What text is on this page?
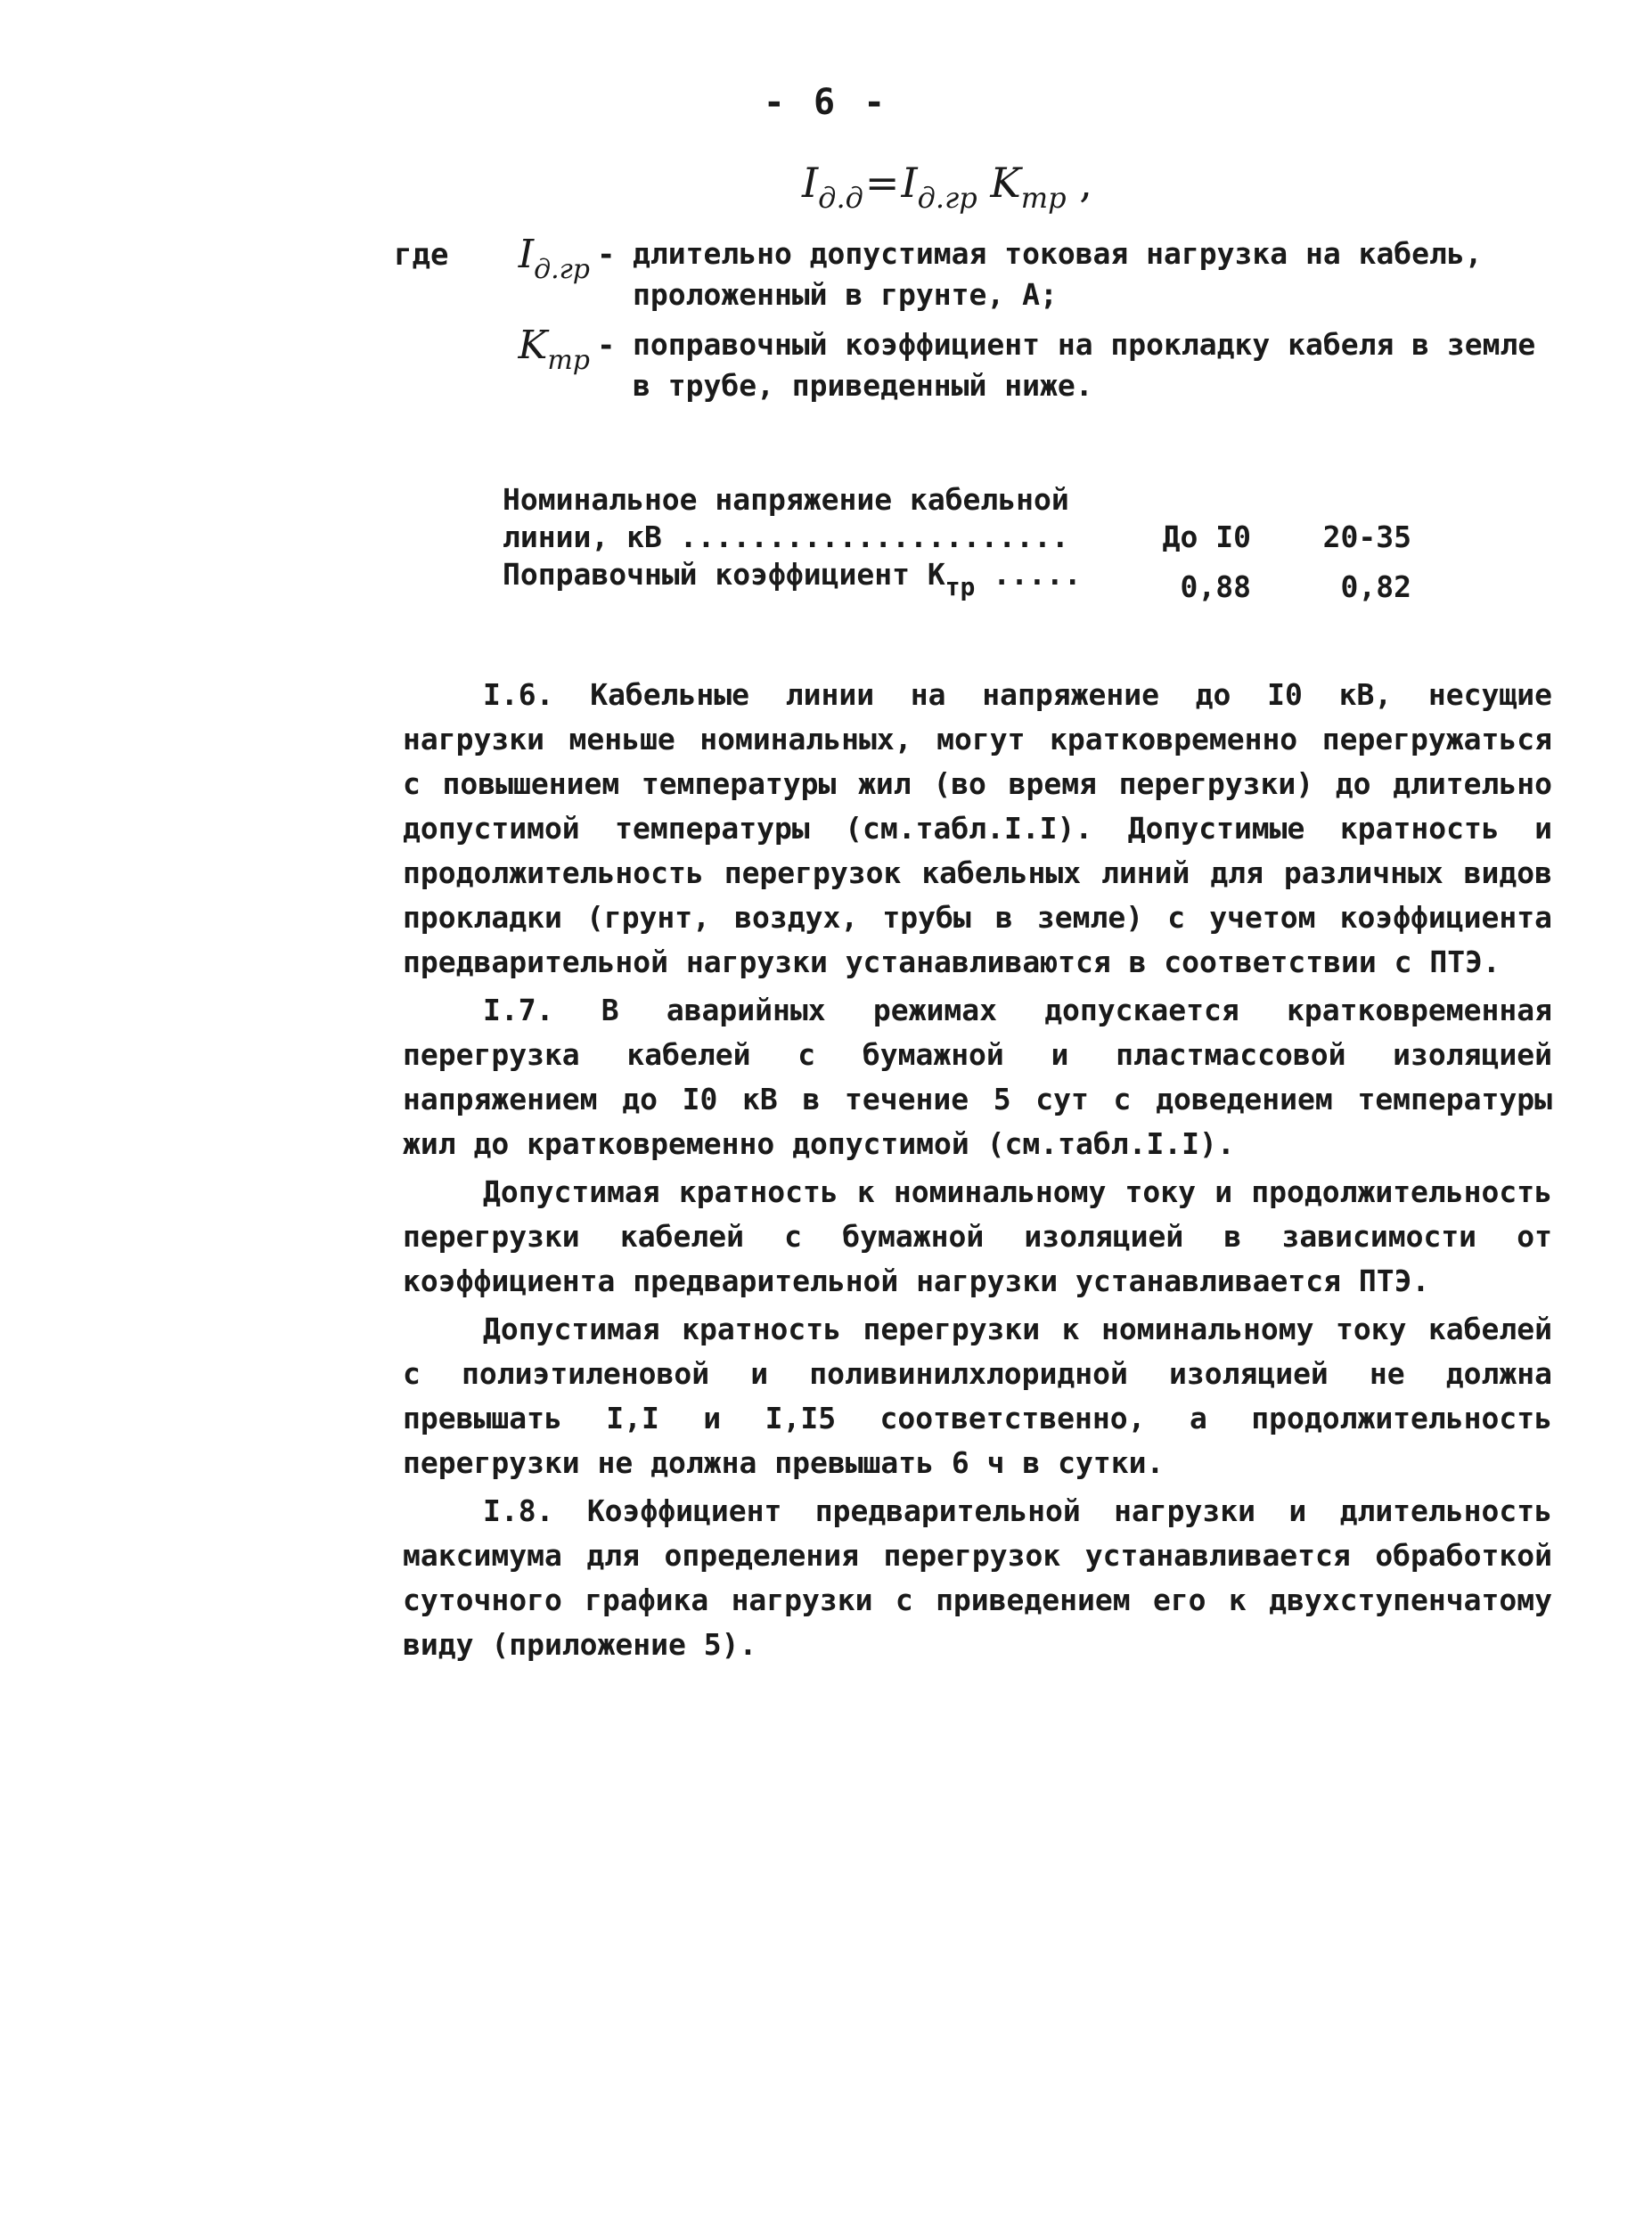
- 6 -
$I_{д.д}=I_{д.гр}$ $K_{тр}$ ,
где	$I_{д.гр}$ - длительно допустимая токовая нагрузка на кабель, проложенный в грунте, А;
$K_{тр}$ - поправочный коэффициент на прокладку кабеля в земле в трубе, приведенный ниже.
Номинальное напряжение кабельной
линии, кВ ......................	До I0	20-35
Поправочный коэффициент $К_{тр}$ .....	0,88	0,82

I.6. Кабельные линии на напряжение до I0 кВ, несущие нагрузки меньше номинальных, могут кратковременно перегружаться с повышением температуры жил (во время перегрузки) до длительно допустимой температуры (см.табл.I.I). Допустимые кратность и продолжительность перегрузок кабельных линий для различных видов прокладки (грунт, воздух, трубы в земле) с учетом коэффициента предварительной нагрузки устанавливаются в соответствии с ПТЭ.

I.7. В аварийных режимах допускается кратковременная перегрузка кабелей с бумажной и пластмассовой изоляцией напряжением до I0 кВ в течение 5 сут с доведением температуры жил до кратковременно допустимой (см.табл.I.I).

Допустимая кратность к номинальному току и продолжительность перегрузки кабелей с бумажной изоляцией в зависимости от коэффициента предварительной нагрузки устанавливается ПТЭ.

Допустимая кратность перегрузки к номинальному току кабелей с полиэтиленовой и поливинилхлоридной изоляцией не должна превышать I,I и I,I5 соответственно, а продолжительность перегрузки не должна превышать 6 ч в сутки.

I.8. Коэффициент предварительной нагрузки и длительность максимума для определения перегрузок устанавливается обработкой суточного графика нагрузки с приведением его к двухступенчатому виду (приложение 5).
